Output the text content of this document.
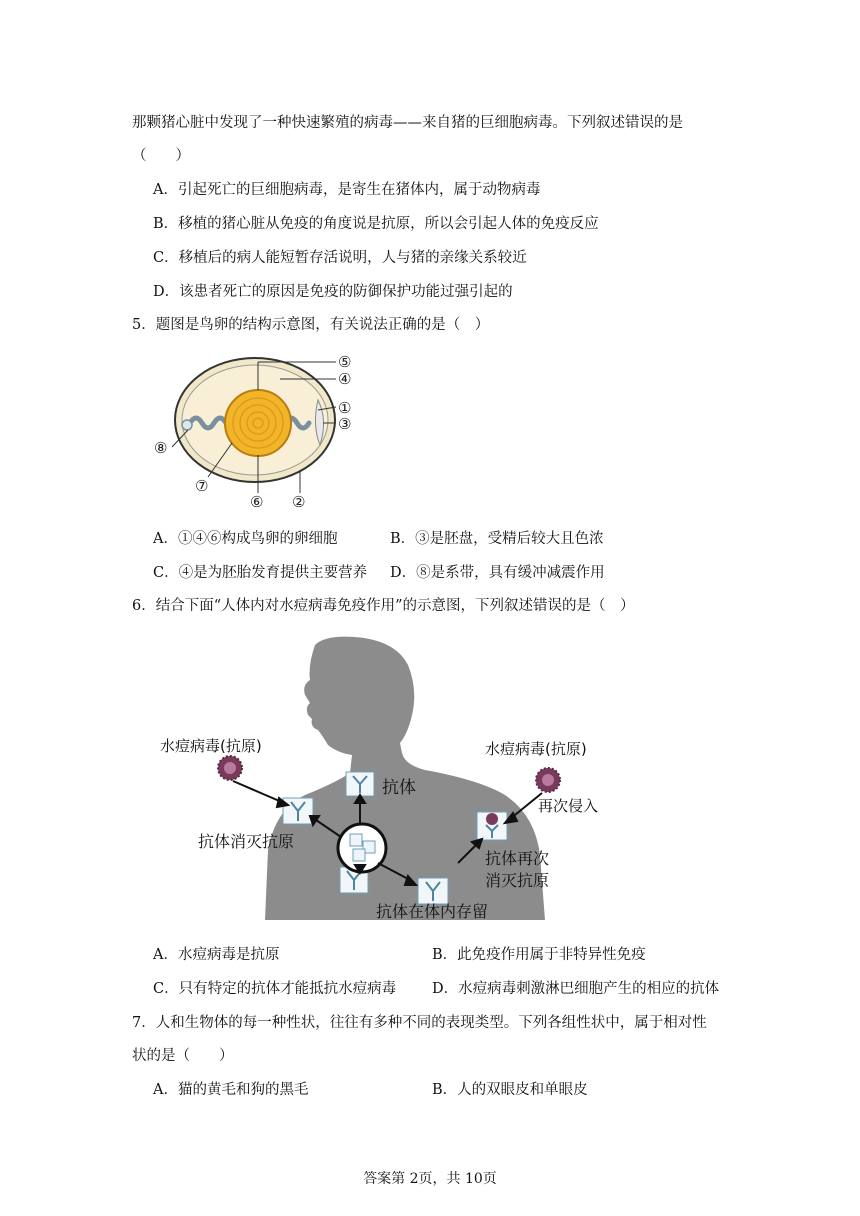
那颗猪心脏中发现了一种快速繁殖的病毒——来自猪的巨细胞病毒。下列叙述错误的是
（　　）
A．引起死亡的巨细胞病毒，是寄生在猪体内，属于动物病毒
B．移植的猪心脏从免疫的角度说是抗原，所以会引起人体的免疫反应
C．移植后的病人能短暂存活说明，人与猪的亲缘关系较近
D．该患者死亡的原因是免疫的防御保护功能过强引起的
5．题图是鸟卵的结构示意图，有关说法正确的是（　）
⑤
④
①
③
⑧
⑦
⑥ ②
A．①④⑥构成鸟卵的卵细胞	B．③是胚盘，受精后较大且色浓
C．④是为胚胎发育提供主要营养 D．⑧是系带，具有缓冲减震作用
6．结合下面“人体内对水痘病毒免疫作用”的示意图，下列叙述错误的是（　）
水痘病毒(抗原)	水痘病毒(抗原)
抗体
再次侵入
抗体消灭抗原
抗体再次
消灭抗原
抗体在体内存留
A．水痘病毒是抗原	B．此免疫作用属于非特异性免疫
C．只有特定的抗体才能抵抗水痘病毒 D．水痘病毒刺激淋巴细胞产生的相应的抗体
7．人和生物体的每一种性状，往往有多种不同的表现类型。下列各组性状中，属于相对性
状的是（　　）
A．猫的黄毛和狗的黑毛	B．人的双眼皮和单眼皮
答案第 2页，共 10页
